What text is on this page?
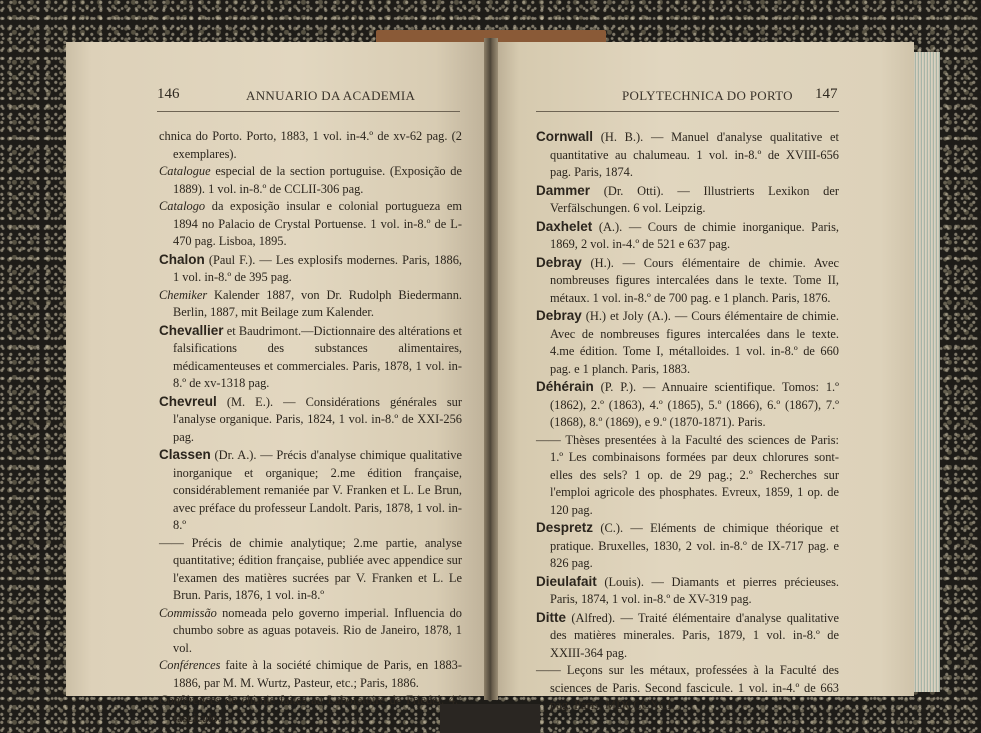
146	ANNUARIO DA ACADEMIA	POLYTECHNICA DO PORTO 147

chnica do Porto. Porto, 1883, 1 vol. in-4.º de xv-62 pag. (2 exemplares).

Catalogue especial de la section portuguise. (Exposição de 1889). 1 vol. in-8.º de CCLII-306 pag.

Catalogo da exposição insular e colonial portugueza em 1894 no Palacio de Crystal Portuense. 1 vol. in-8.º de L-470 pag. Lisboa, 1895.

Chalon (Paul F.). — Les explosifs modernes. Paris, 1886, 1 vol. in-8.º de 395 pag.

Chemiker Kalender 1887, von Dr. Rudolph Biedermann. Berlin, 1887, mit Beilage zum Kalender.

Chevallier et Baudrimont.—Dictionnaire des altérations et falsifications des substances alimentaires, médicamenteuses et commerciales. Paris, 1878, 1 vol. in-8.º de xv-1318 pag.

Chevreul (M. E.). — Considérations générales sur l'analyse organique. Paris, 1824, 1 vol. in-8.º de XXI-256 pag.

Classen (Dr. A.). — Précis d'analyse chimique qualitative inorganique et organique; 2.me édition française, considérablement remaniée par V. Franken et L. Le Brun, avec préface du professeur Landolt. Paris, 1878, 1 vol. in-8.º

—— Précis de chimie analytique; 2.me partie, analyse quantitative; édition française, publiée avec appendice sur l'examen des matières sucrées par V. Franken et L. Le Brun. Paris, 1876, 1 vol. in-8.º

Commissão nomeada pelo governo imperial. Influencia do chumbo sobre as aguas potaveis. Rio de Janeiro, 1878, 1 vol.

Conférences faite à la société chimique de Paris, en 1883-1886, par M. M. Wurtz, Pasteur, etc.; Paris, 1886.

Conférences de chimie faites au Laboratoire de Friedel. 4.º fasciculo.

Cornwall (H. B.). — Manuel d'analyse qualitative et quantitative au chalumeau. 1 vol. in-8.º de XVIII-656 pag. Paris, 1874.

Dammer (Dr. Otti). — Illustrierts Lexikon der Verfälschungen. 6 vol. Leipzig.

Daxhelet (A.). — Cours de chimie inorganique. Paris, 1869, 2 vol. in-4.º de 521 e 637 pag.

Debray (H.). — Cours élémentaire de chimie. Avec nombreuses figures intercalées dans le texte. Tome II, métaux. 1 vol. in-8.º de 700 pag. e 1 planch. Paris, 1876.

Debray (H.) et Joly (A.). — Cours élémentaire de chimie. Avec de nombreuses figures intercalées dans le texte. 4.me édition. Tome I, métalloides. 1 vol. in-8.º de 660 pag. e 1 planch. Paris, 1883.

Déhérain (P. P.). — Annuaire scientifique. Tomos: 1.º (1862), 2.º (1863), 4.º (1865), 5.º (1866), 6.º (1867), 7.º (1868), 8.º (1869), e 9.º (1870-1871). Paris.

—— Thèses presentées à la Faculté des sciences de Paris: 1.º Les combinaisons formées par deux chlorures sont-elles des sels? 1 op. de 29 pag.; 2.º Recherches sur l'emploi agricole des phosphates. Evreux, 1859, 1 op. de 120 pag.

Despretz (C.). — Eléments de chimique théorique et pratique. Bruxelles, 1830, 2 vol. in-8.º de IX-717 pag. e 826 pag.

Dieulafait (Louis). — Diamants et pierres précieuses. Paris, 1874, 1 vol. in-8.º de XV-319 pag.

Ditte (Alfred). — Traité élémentaire d'analyse qualitative des matières minerales. Paris, 1879, 1 vol. in-8.º de XXIII-364 pag.

—— Leçons sur les métaux, professées à la Faculté des sciences de Paris. Second fascicule. 1 vol. in-4.º de 663 pag. Paris, MDCCCXCI.
